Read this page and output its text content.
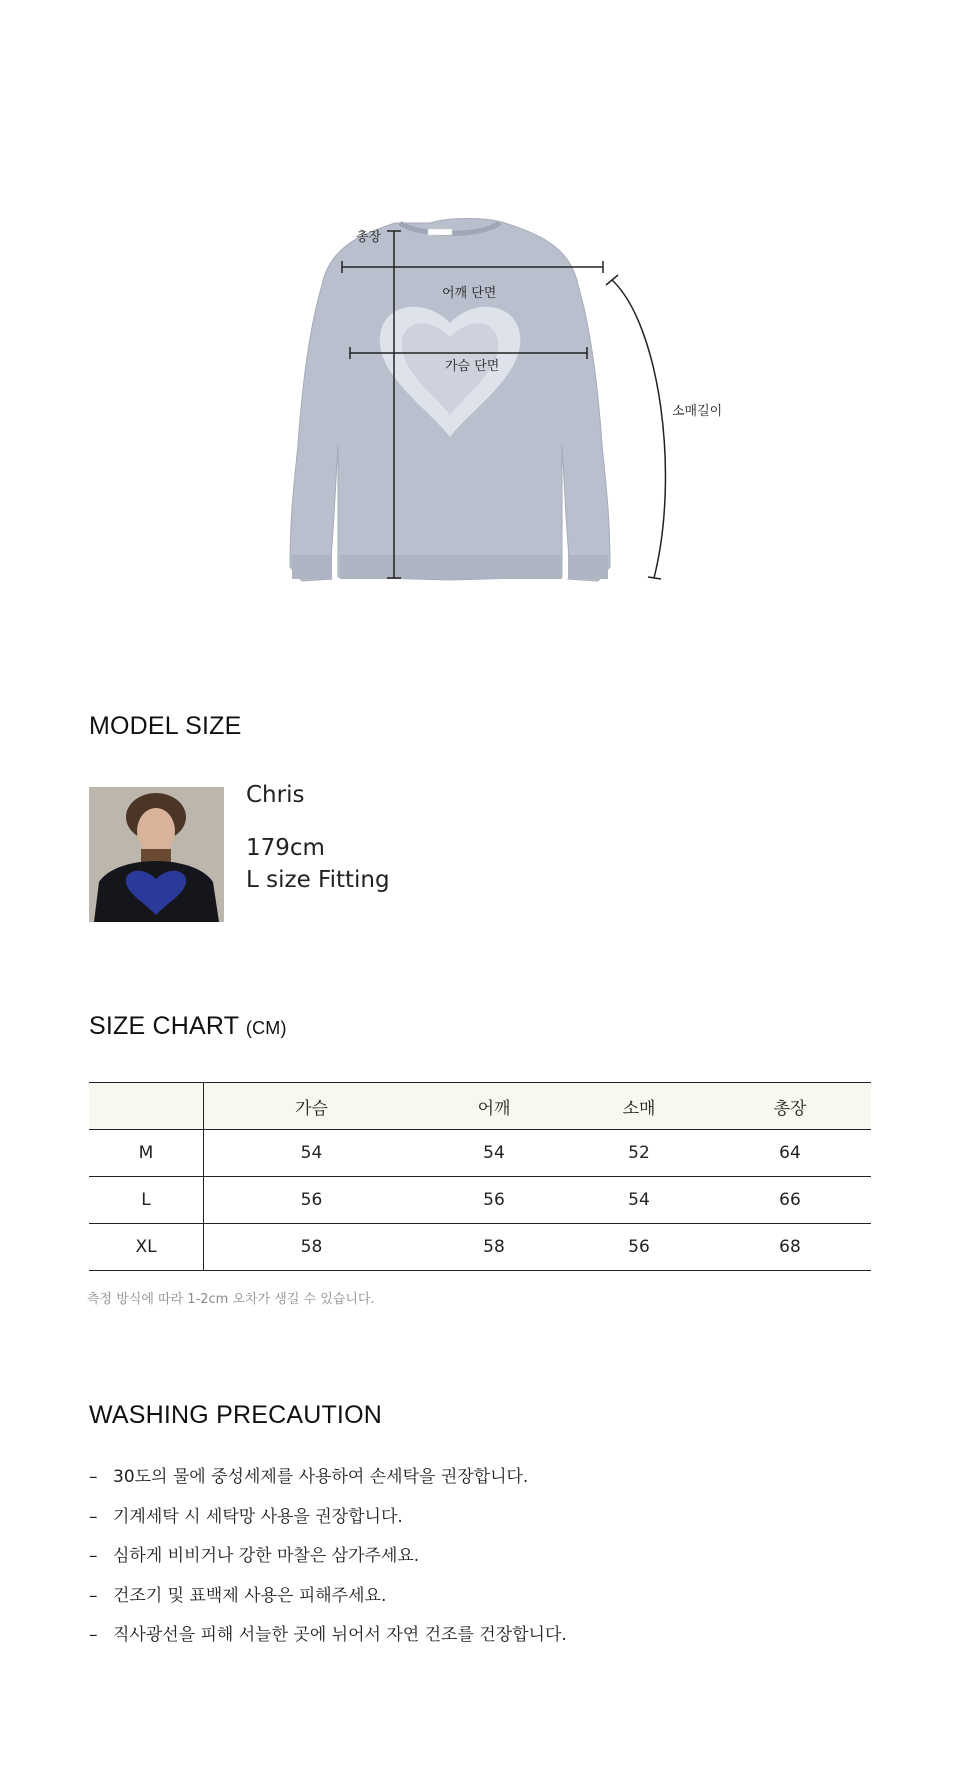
총장
어깨 단면
가슴 단면
소매길이
MODEL SIZE
Chris
179cm
L size Fitting
SIZE CHART (CM)
	가슴	어깨	소매	총장
M	54	54	52	64
L	56	56	54	66
XL	58	58	56	68
측정 방식에 따라 1-2cm 오차가 생길 수 있습니다.
WASHING PRECAUTION
– 30도의 물에 중성세제를 사용하여 손세탁을 권장합니다.
– 기계세탁 시 세탁망 사용을 권장합니다.
– 심하게 비비거나 강한 마찰은 삼가주세요.
– 건조기 및 표백제 사용은 피해주세요.
– 직사광선을 피해 서늘한 곳에 뉘어서 자연 건조를 건장합니다.
